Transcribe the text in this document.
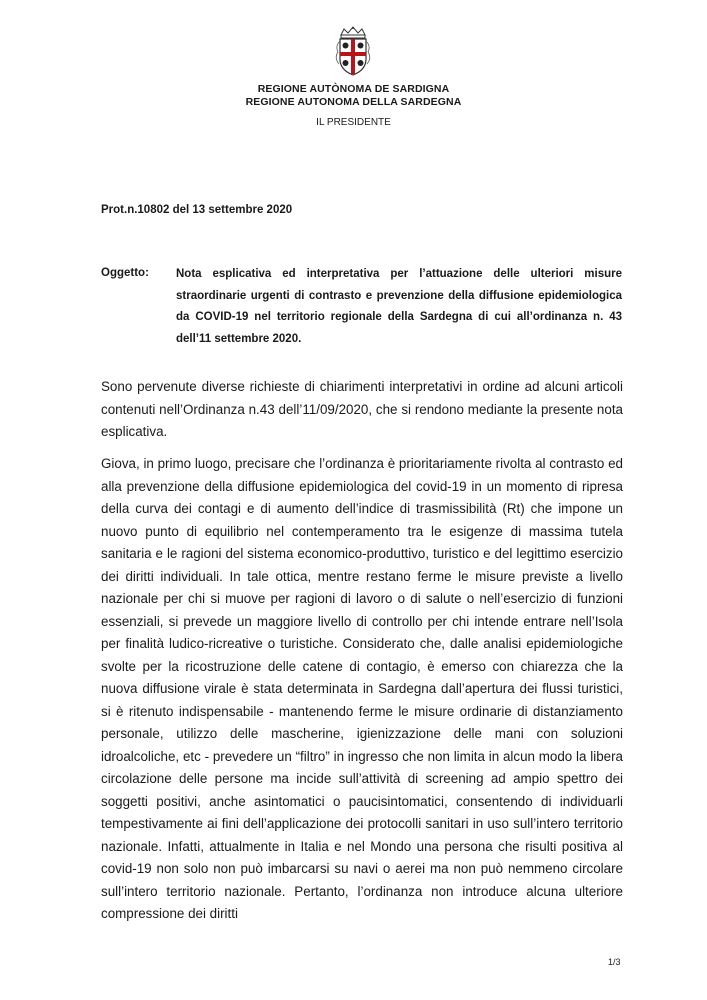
REGIONE AUTÒNOMA DE SARDIGNA
REGIONE AUTONOMA DELLA SARDEGNA
IL PRESIDENTE
Prot.n.10802 del 13 settembre 2020
Oggetto: Nota esplicativa ed interpretativa per l’attuazione delle ulteriori misure straordinarie urgenti di contrasto e prevenzione della diffusione epidemiologica da COVID-19 nel territorio regionale della Sardegna di cui all’ordinanza n. 43 dell’11 settembre 2020.
Sono pervenute diverse richieste di chiarimenti interpretativi in ordine ad alcuni articoli contenuti nell’Ordinanza n.43 dell’11/09/2020, che si rendono mediante la presente nota esplicativa.
Giova, in primo luogo, precisare che l’ordinanza è prioritariamente rivolta al contrasto ed alla prevenzione della diffusione epidemiologica del covid-19 in un momento di ripresa della curva dei contagi e di aumento dell’indice di trasmissibilità (Rt) che impone un nuovo punto di equilibrio nel contemperamento tra le esigenze di massima tutela sanitaria e le ragioni del sistema economico-produttivo, turistico e del legittimo esercizio dei diritti individuali. In tale ottica, mentre restano ferme le misure previste a livello nazionale per chi si muove per ragioni di lavoro o di salute o nell’esercizio di funzioni essenziali, si prevede un maggiore livello di controllo per chi intende entrare nell’Isola per finalità ludico-ricreative o turistiche. Considerato che, dalle analisi epidemiologiche svolte per la ricostruzione delle catene di contagio, è emerso con chiarezza che la nuova diffusione virale è stata determinata in Sardegna dall’apertura dei flussi turistici, si è ritenuto indispensabile - mantenendo ferme le misure ordinarie di distanziamento personale, utilizzo delle mascherine, igienizzazione delle mani con soluzioni idroalcoliche, etc - prevedere un “filtro” in ingresso che non limita in alcun modo la libera circolazione delle persone ma incide sull’attività di screening ad ampio spettro dei soggetti positivi, anche asintomatici o paucisintomatici, consentendo di individuarli tempestivamente ai fini dell’applicazione dei protocolli sanitari in uso sull’intero territorio nazionale. Infatti, attualmente in Italia e nel Mondo una persona che risulti positiva al covid-19 non solo non può imbarcarsi su navi o aerei ma non può nemmeno circolare sull’intero territorio nazionale. Pertanto, l’ordinanza non introduce alcuna ulteriore compressione dei diritti
1/3
